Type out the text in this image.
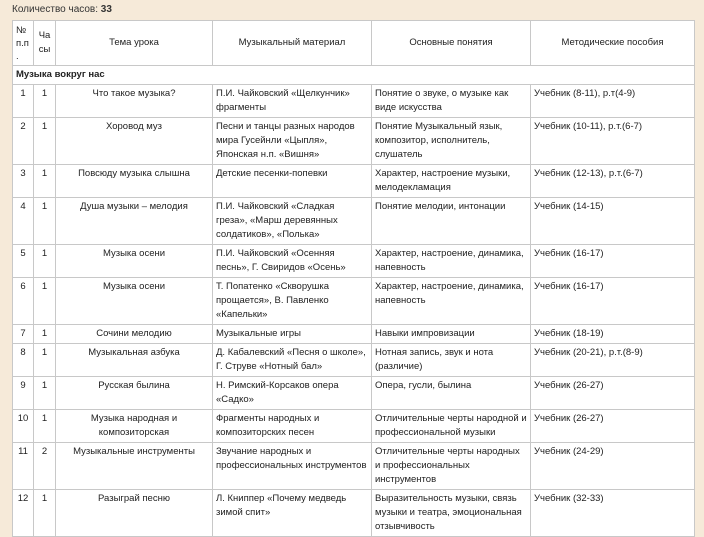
Количество часов: 33
№ п.п.	Часы	Тема урока	Музыкальный материал	Основные понятия	Методические пособия
Музыка вокруг нас					
1	1	Что такое музыка?	П.И. Чайковский «Щелкунчик» фрагменты	Понятие о звуке, о музыке как виде искусства	Учебник (8-11), р.т(4-9)
2	1	Хоровод муз	Песни и танцы разных народов мира Гусейнли «Цыпля», Японская н.п. «Вишня»	Понятие Музыкальный язык, композитор, исполнитель, слушатель	Учебник (10-11), р.т.(6-7)
3	1	Повсюду музыка слышна	Детские песенки-попевки	Характер, настроение музыки, мелодекламация	Учебник (12-13), р.т.(6-7)
4	1	Душа музыки – мелодия	П.И. Чайковский «Сладкая греза», «Марш деревянных солдатиков», «Полька»	Понятие мелодии, интонации	Учебник (14-15)
5	1	Музыка осени	П.И. Чайковский «Осенняя песнь», Г. Свиридов «Осень»	Характер, настроение, динамика, напевность	Учебник (16-17)
6	1	Музыка осени	Т. Попатенко «Скворушка прощается», В. Павленко «Капельки»	Характер, настроение, динамика, напевность	Учебник (16-17)
7	1	Сочини мелодию	Музыкальные игры	Навыки импровизации	Учебник (18-19)
8	1	Музыкальная азбука	Д. Кабалевский «Песня о школе», Г. Струве «Нотный бал»	Нотная запись, звук и нота (различие)	Учебник (20-21), р.т.(8-9)
9	1	Русская былина	Н. Римский-Корсаков опера «Садко»	Опера, гусли, былина	Учебник (26-27)
10	1	Музыка народная и композиторская	Фрагменты народных и композиторских песен	Отличительные черты народной и профессиональной музыки	Учебник (26-27)
11	2	Музыкальные инструменты	Звучание народных и профессиональных инструментов	Отличительные черты народных и профессиональных инструментов	Учебник (24-29)
12	1	Разыграй песню	Л. Книппер «Почему медведь зимой спит»	Выразительность музыки, связь музыки и театра, эмоциональная отзывчивость	Учебник (32-33)
